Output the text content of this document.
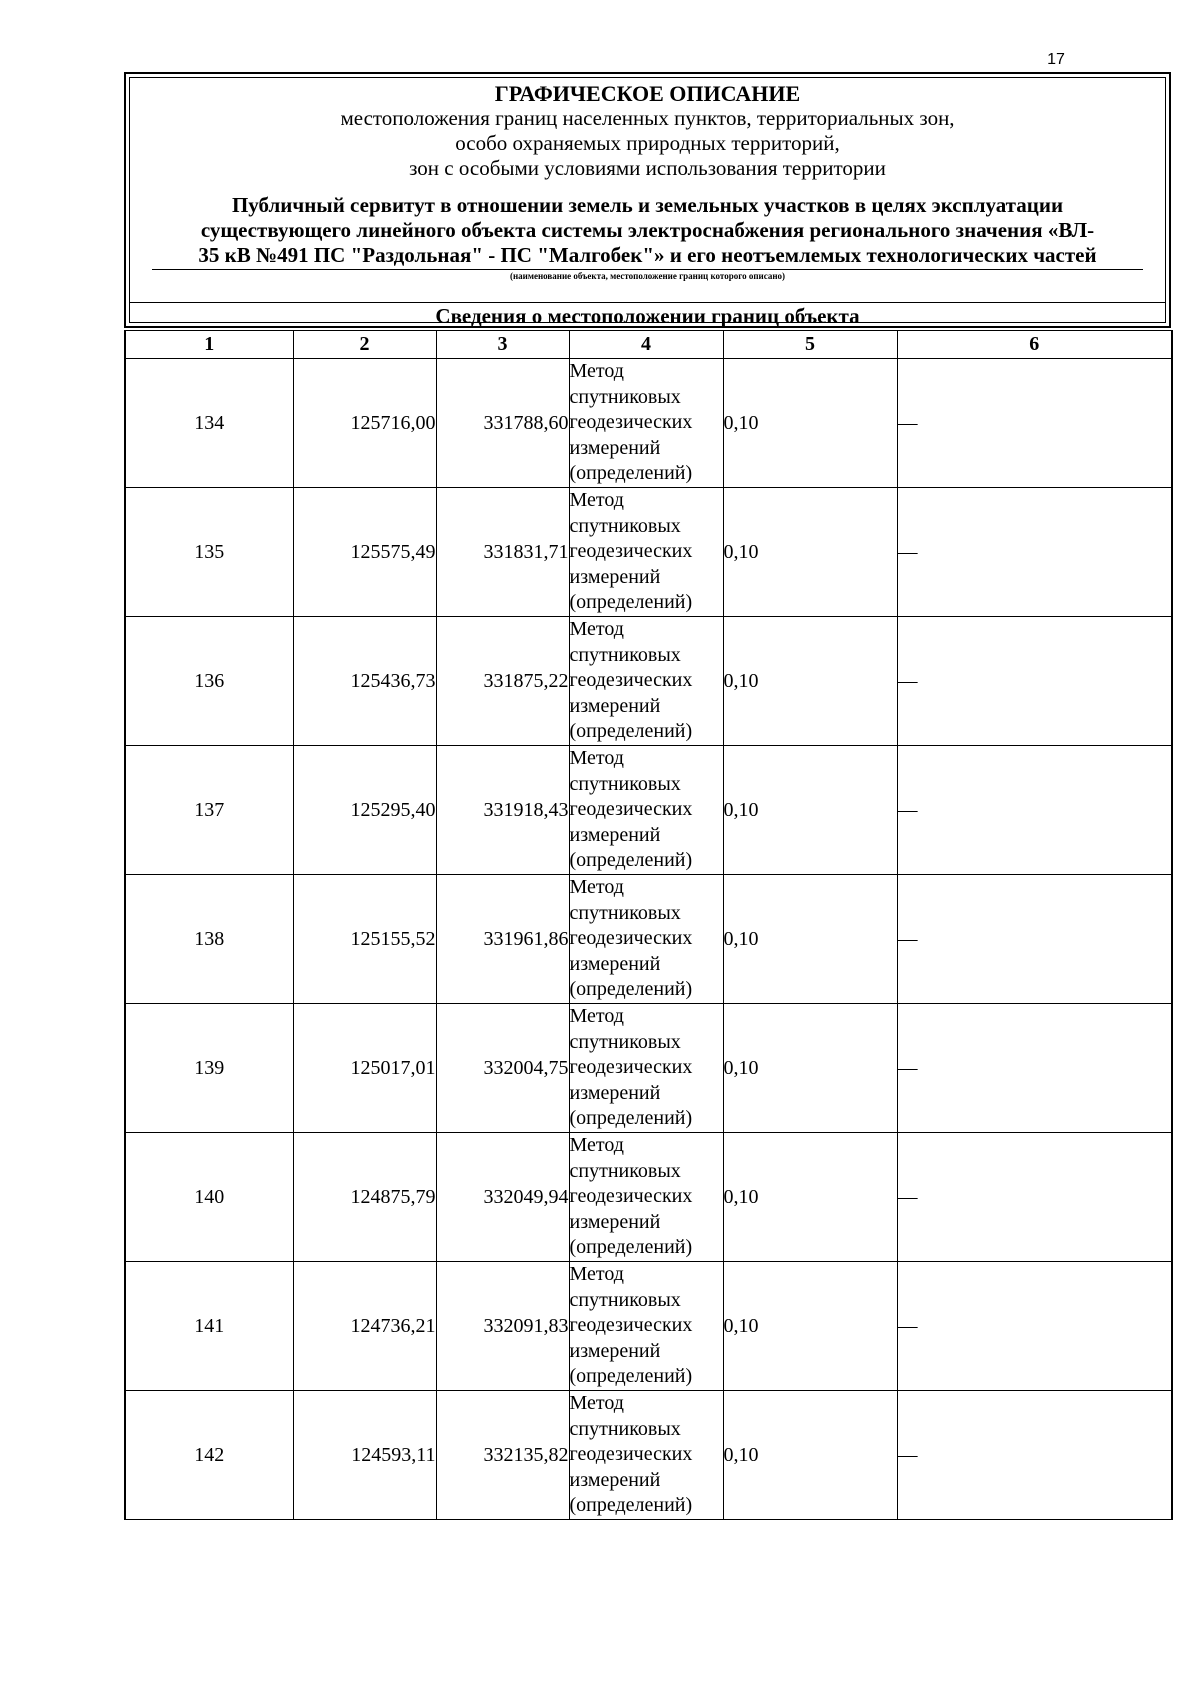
17
ГРАФИЧЕСКОЕ ОПИСАНИЕ
местоположения границ населенных пунктов, территориальных зон,
особо охраняемых природных территорий,
зон с особыми условиями использования территории
Публичный сервитут в отношении земель и земельных участков в целях эксплуатации
существующего линейного объекта системы электроснабжения регионального значения «ВЛ-
35 кВ №491 ПС "Раздольная" - ПС "Малгобек"» и его неотъемлемых технологических частей
(наименование объекта, местоположение границ которого описано)
Сведения о местоположении границ объекта
1	2	3	4	5	6
134	125716,00	331788,60	Метод
спутниковых
геодезических
измерений
(определений)	0,10	—
135	125575,49	331831,71	Метод
спутниковых
геодезических
измерений
(определений)	0,10	—
136	125436,73	331875,22	Метод
спутниковых
геодезических
измерений
(определений)	0,10	—
137	125295,40	331918,43	Метод
спутниковых
геодезических
измерений
(определений)	0,10	—
138	125155,52	331961,86	Метод
спутниковых
геодезических
измерений
(определений)	0,10	—
139	125017,01	332004,75	Метод
спутниковых
геодезических
измерений
(определений)	0,10	—
140	124875,79	332049,94	Метод
спутниковых
геодезических
измерений
(определений)	0,10	—
141	124736,21	332091,83	Метод
спутниковых
геодезических
измерений
(определений)	0,10	—
142	124593,11	332135,82	Метод
спутниковых
геодезических
измерений
(определений)	0,10	—
